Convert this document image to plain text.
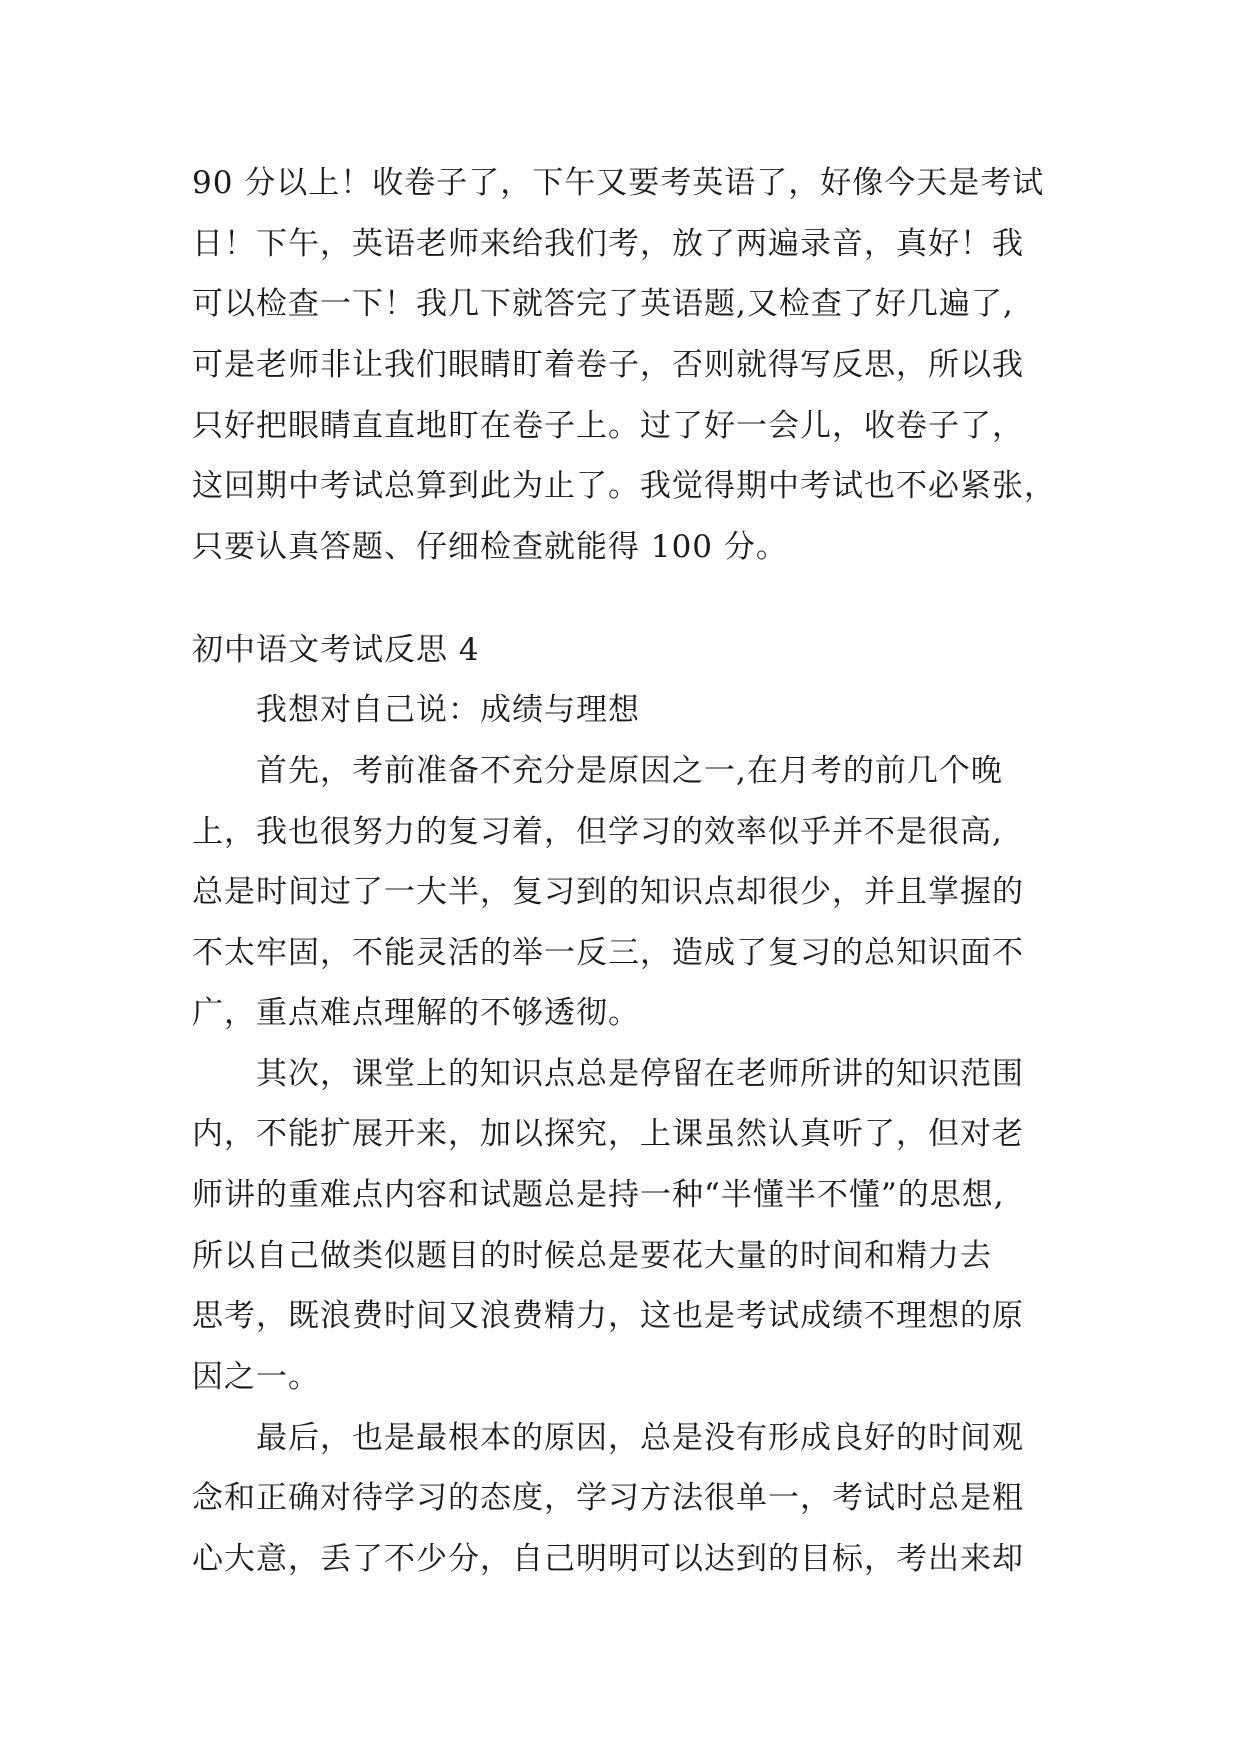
90 分以上！收卷子了，下午又要考英语了，好像今天是考试
日！下午，英语老师来给我们考，放了两遍录音，真好！我
可以检查一下！我几下就答完了英语题,又检查了好几遍了,
可是老师非让我们眼睛盯着卷子，否则就得写反思，所以我
只好把眼睛直直地盯在卷子上。过了好一会儿，收卷子了，
这回期中考试总算到此为止了。我觉得期中考试也不必紧张，
只要认真答题、仔细检查就能得 100 分。
初中语文考试反思 4
我想对自己说：成绩与理想
首先，考前准备不充分是原因之一,在月考的前几个晚
上，我也很努力的复习着，但学习的效率似乎并不是很高,
总是时间过了一大半，复习到的知识点却很少，并且掌握的
不太牢固，不能灵活的举一反三，造成了复习的总知识面不
广，重点难点理解的不够透彻。
其次，课堂上的知识点总是停留在老师所讲的知识范围
内，不能扩展开来，加以探究，上课虽然认真听了，但对老
师讲的重难点内容和试题总是持一种“半懂半不懂”的思想,
所以自己做类似题目的时候总是要花大量的时间和精力去
思考，既浪费时间又浪费精力，这也是考试成绩不理想的原
因之一。
最后，也是最根本的原因，总是没有形成良好的时间观
念和正确对待学习的态度，学习方法很单一，考试时总是粗
心大意，丢了不少分，自己明明可以达到的目标，考出来却
